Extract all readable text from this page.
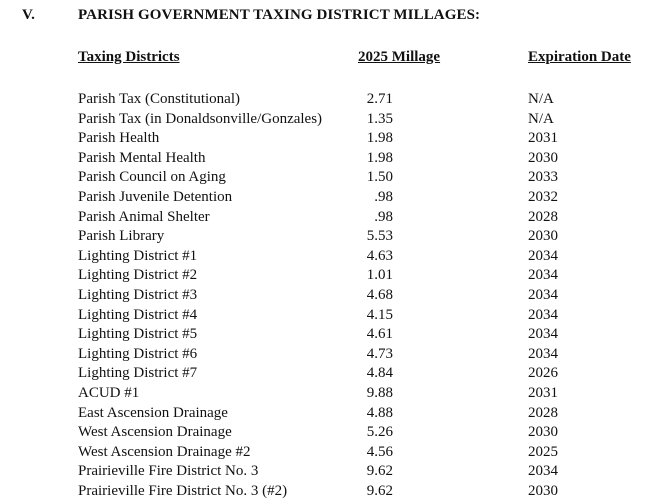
V.	PARISH GOVERNMENT TAXING DISTRICT MILLAGES:
Taxing Districts	2025 Millage	Expiration Date
Parish Tax (Constitutional)	2.71	N/A
Parish Tax (in Donaldsonville/Gonzales)	1.35	N/A
Parish Health	1.98	2031
Parish Mental Health	1.98	2030
Parish Council on Aging	1.50	2033
Parish Juvenile Detention	.98	2032
Parish Animal Shelter	.98	2028
Parish Library	5.53	2030
Lighting District #1	4.63	2034
Lighting District #2	1.01	2034
Lighting District #3	4.68	2034
Lighting District #4	4.15	2034
Lighting District #5	4.61	2034
Lighting District #6	4.73	2034
Lighting District #7	4.84	2026
ACUD #1	9.88	2031
East Ascension Drainage	4.88	2028
West Ascension Drainage	5.26	2030
West Ascension Drainage #2	4.56	2025
Prairieville Fire District No. 3	9.62	2034
Prairieville Fire District No. 3 (#2)	9.62	2030
